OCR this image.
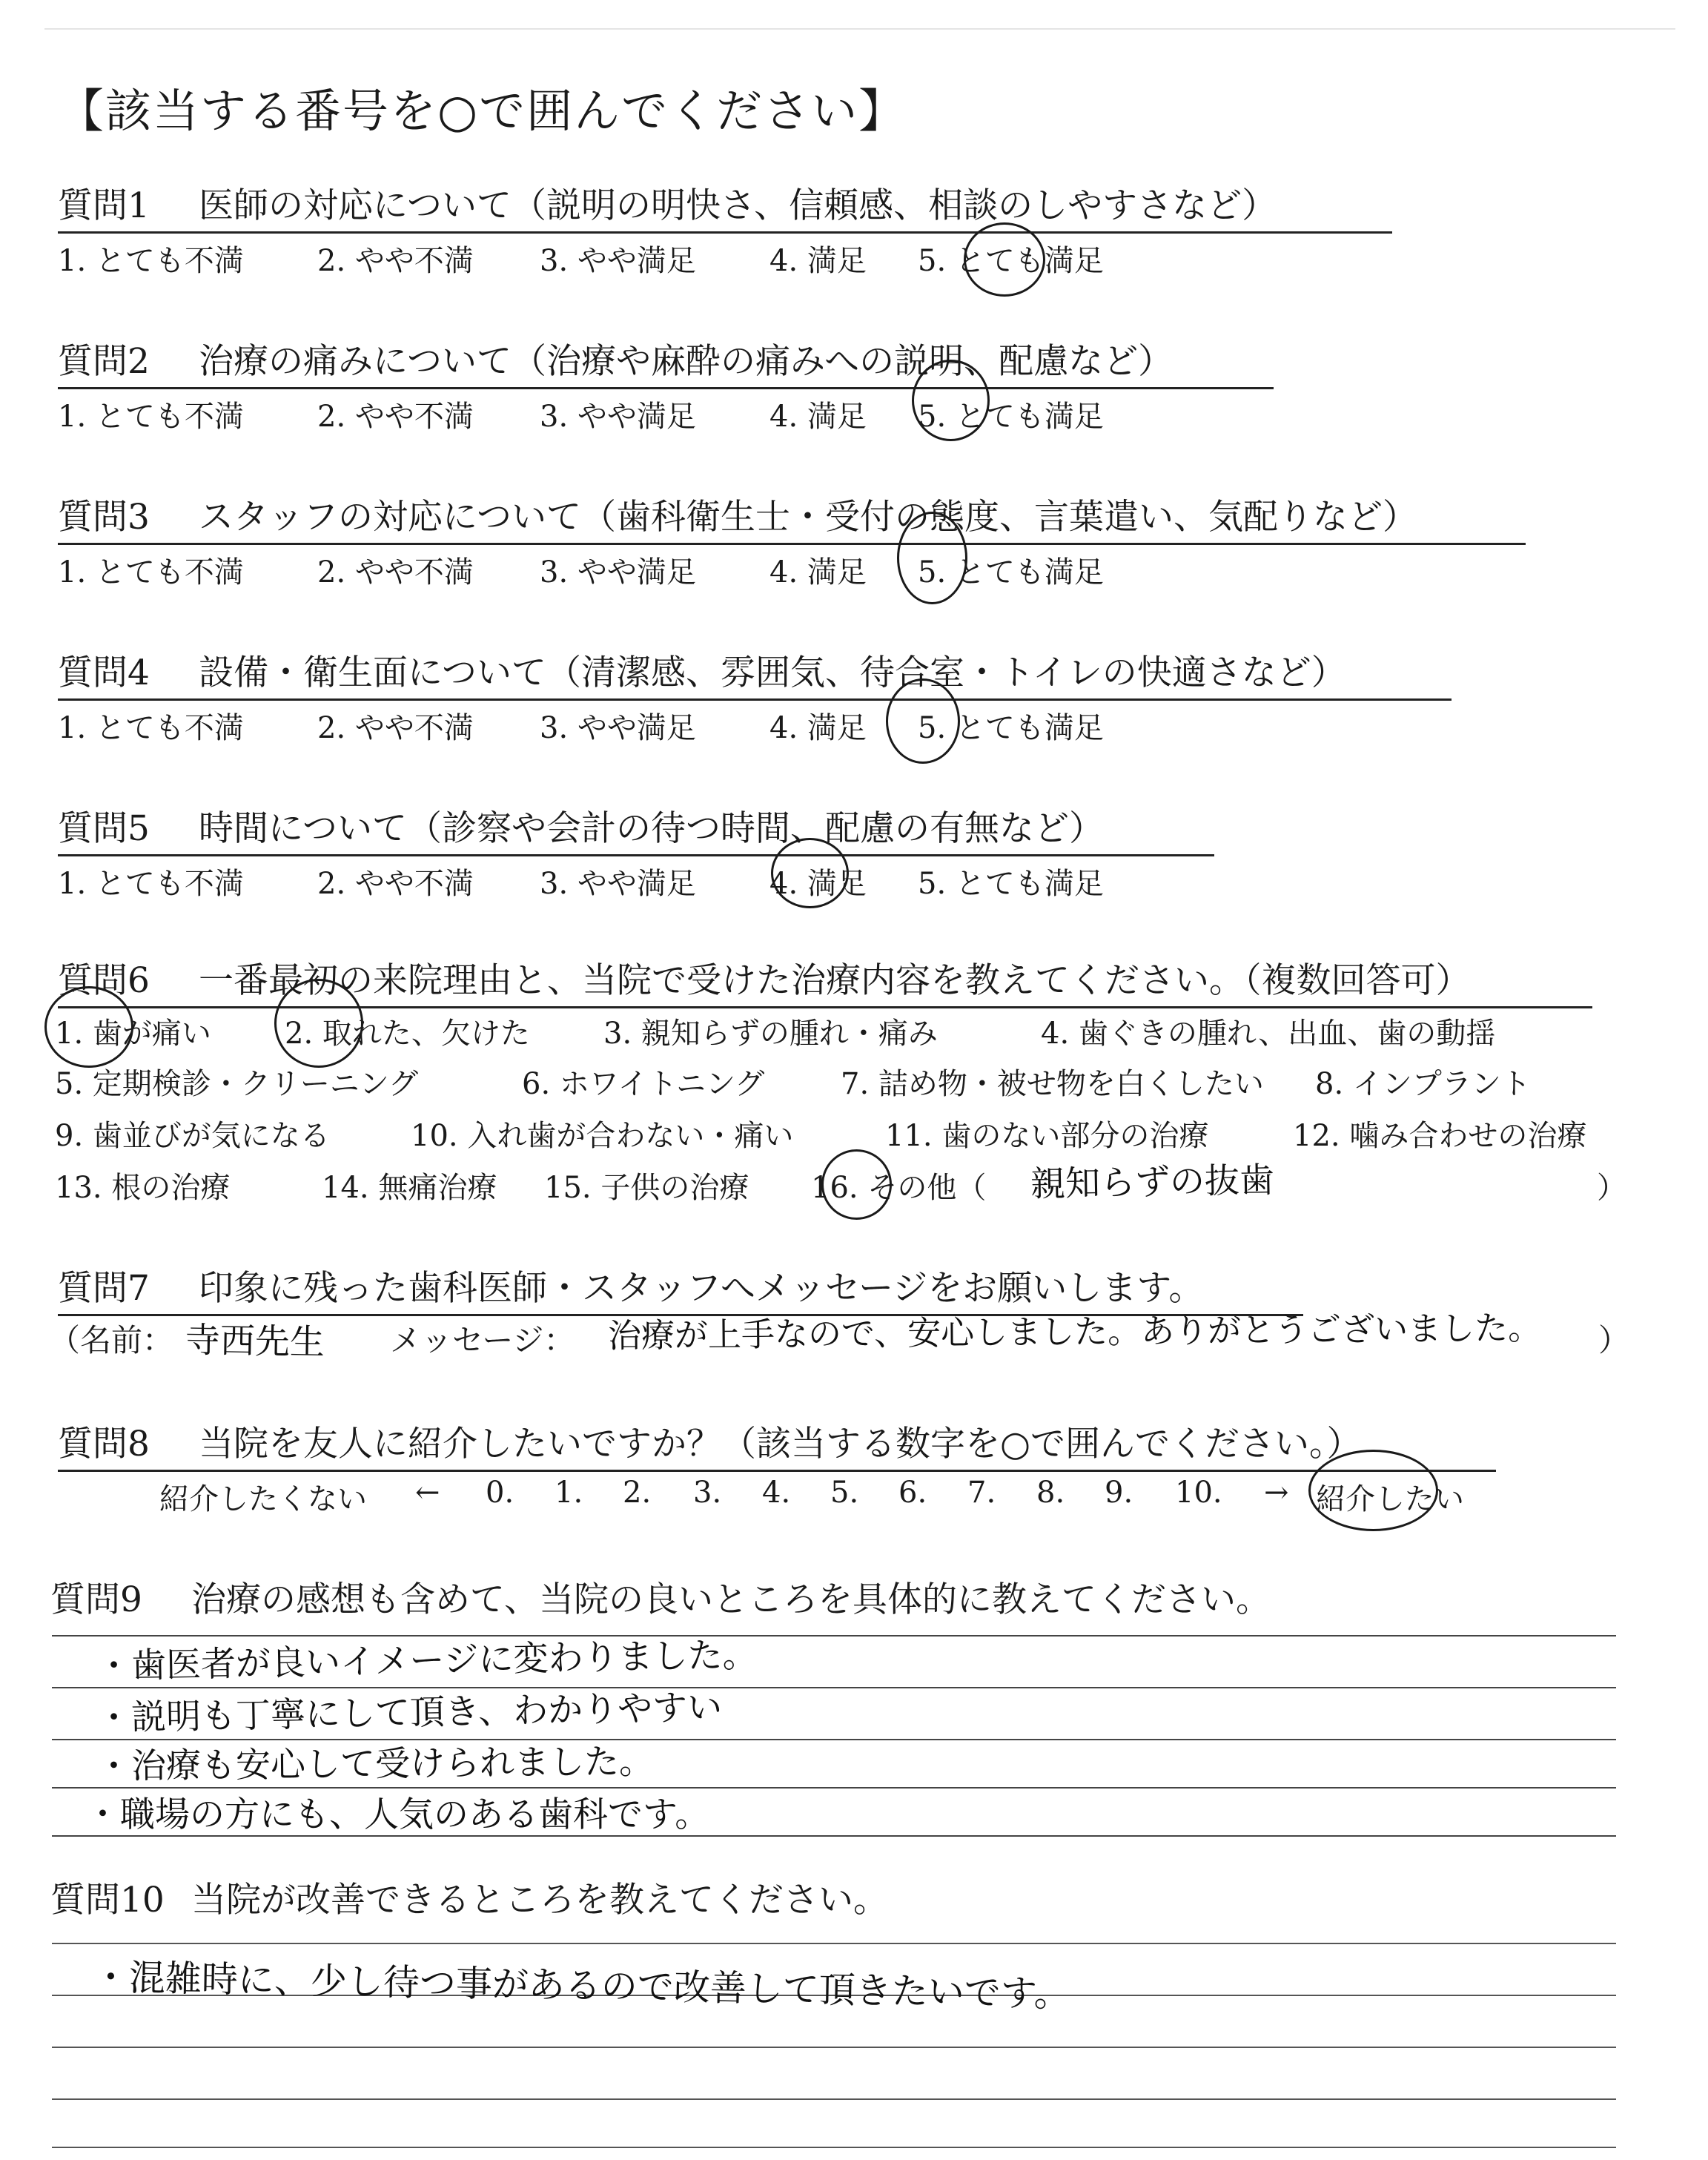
【該当する番号を○で囲んでください】
質問1 医師の対応について（説明の明快さ、信頼感、相談のしやすさなど）
1. とても不満 2. やや不満 3. やや満足 4. 満足 5. とても満足
質問2 治療の痛みについて（治療や麻酔の痛みへの説明、配慮など）
1. とても不満 2. やや不満 3. やや満足 4. 満足 5. とても満足
質問3 スタッフの対応について（歯科衛生士・受付の態度、言葉遣い、気配りなど）
1. とても不満 2. やや不満 3. やや満足 4. 満足 5. とても満足
質問4 設備・衛生面について（清潔感、雰囲気、待合室・トイレの快適さなど）
1. とても不満 2. やや不満 3. やや満足 4. 満足 5. とても満足
質問5 時間について（診察や会計の待つ時間、配慮の有無など）
1. とても不満 2. やや不満 3. やや満足 4. 満足 5. とても満足
質問6 一番最初の来院理由と、当院で受けた治療内容を教えてください。（複数回答可）
1. 歯が痛い 2. 取れた、欠けた 3. 親知らずの腫れ・痛み	4. 歯ぐきの腫れ、出血、歯の動揺
5. 定期検診・クリーニング	6. ホワイトニング	7. 詰め物・被せ物を白くしたい 8. インプラント
9. 歯並びが気になる	10. 入れ歯が合わない・痛い	11. 歯のない部分の治療	12. 噛み合わせの治療
13. 根の治療	14. 無痛治療 15. 子供の治療 16. その他（	）
親知らずの抜歯
質問7 印象に残った歯科医師・スタッフへメッセージをお願いします。
（名前：	メッセージ：	）
寺西先生	治療が上手なので、安心しました。ありがとうございました。
質問8 当院を友人に紹介したいですか？（該当する数字を○で囲んでください。）
紹介したくない ← 0. 1. 2. 3. 4. 5. 6. 7. 8. 9. 10. → 紹介したい
質問9 治療の感想も含めて、当院の良いところを具体的に教えてください。
・歯医者が良いイメージに変わりました。
・説明も丁寧にして頂き、わかりやすい
・治療も安心して受けられました。
・職場の方にも、人気のある歯科です。
質問10 当院が改善できるところを教えてください。
・混雑時に、少し待つ事があるので改善して頂きたいです。
